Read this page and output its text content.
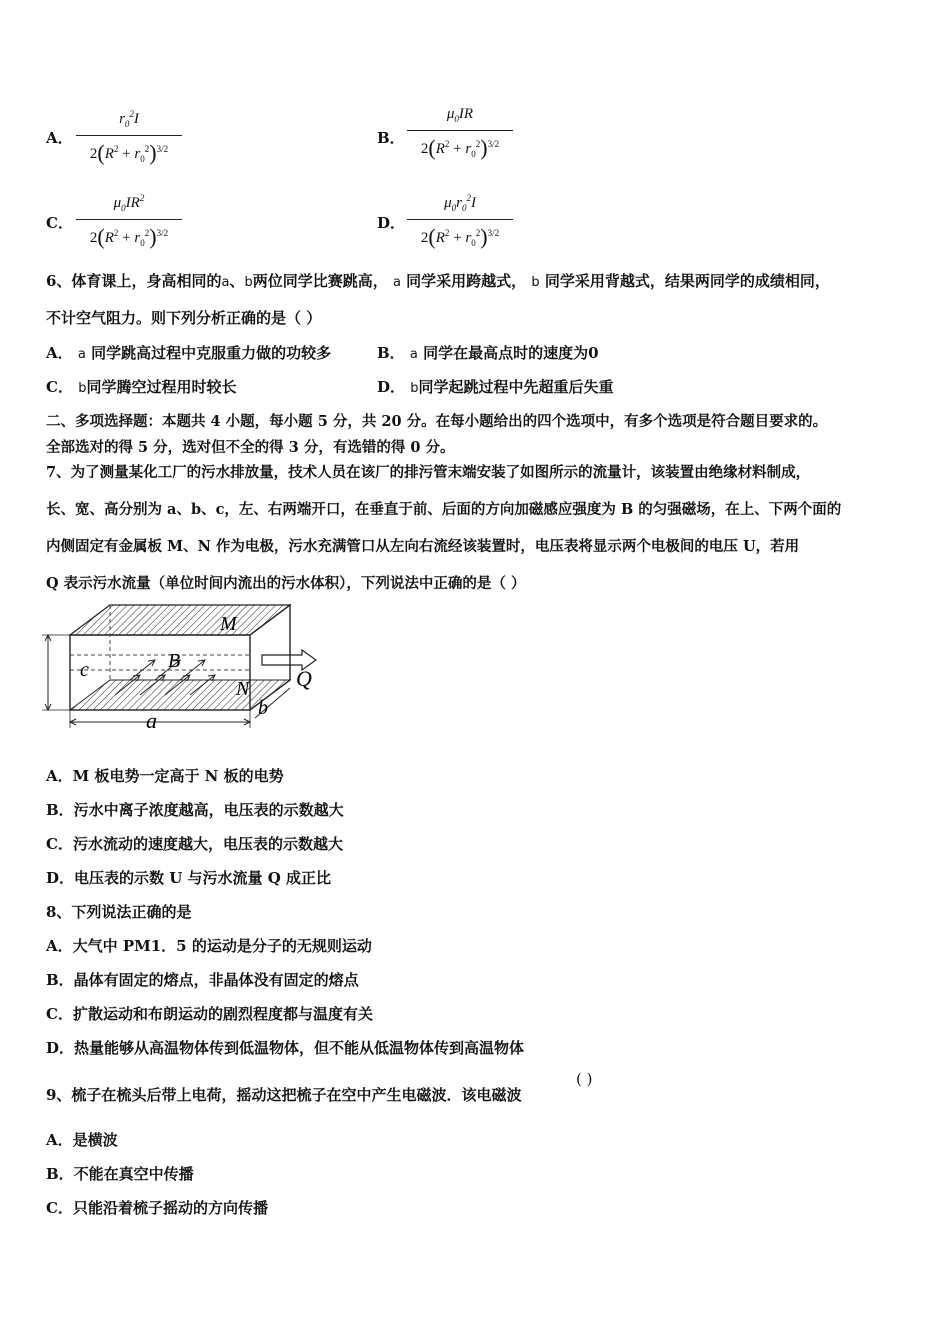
A．
$r_0^2I$
$2(R^2 + r_0^2)^{3/2}$
B．
$\mu_0IR$
$2(R^2 + r_0^2)^{3/2}$
C．
$\mu_0IR^2$
$2(R^2 + r_0^2)^{3/2}$
D．
$\mu_0r_0^2I$
$2(R^2 + r_0^2)^{3/2}$
6、体育课上，身高相同的a、b两位同学比赛跳高， a 同学采用跨越式， b 同学采用背越式，结果两同学的成绩相同，
不计空气阻力。则下列分析正确的是（ ）
A． a 同学跳高过程中克服重力做的功较多	B． a 同学在最高点时的速度为0
C． b同学腾空过程用时较长	D． b同学起跳过程中先超重后失重
二、多项选择题：本题共 4 小题，每小题 5 分，共 20 分。在每小题给出的四个选项中，有多个选项是符合题目要求的。
全部选对的得 5 分，选对但不全的得 3 分，有选错的得 0 分。
7、为了测量某化工厂的污水排放量，技术人员在该厂的排污管末端安装了如图所示的流量计，该装置由绝缘材料制成，
长、宽、高分别为 a、b、c，左、右两端开口，在垂直于前、后面的方向加磁感应强度为 B 的匀强磁场，在上、下两个面的
内侧固定有金属板 M、N 作为电极，污水充满管口从左向右流经该装置时，电压表将显示两个电极间的电压 U，若用
Q 表示污水流量（单位时间内流出的污水体积），下列说法中正确的是（ ）
c
M
B
N Q
a	b
A．M 板电势一定高于 N 板的电势
B．污水中离子浓度越高，电压表的示数越大
C．污水流动的速度越大，电压表的示数越大
D．电压表的示数 U 与污水流量 Q 成正比
8、下列说法正确的是
A．大气中 PM1．5 的运动是分子的无规则运动
B．晶体有固定的熔点，非晶体没有固定的熔点
C．扩散运动和布朗运动的剧烈程度都与温度有关
D．热量能够从高温物体传到低温物体，但不能从低温物体传到高温物体
9、梳子在梳头后带上电荷，摇动这把梳子在空中产生电磁波．该电磁波
( )
A．是横波
B．不能在真空中传播
C．只能沿着梳子摇动的方向传播
